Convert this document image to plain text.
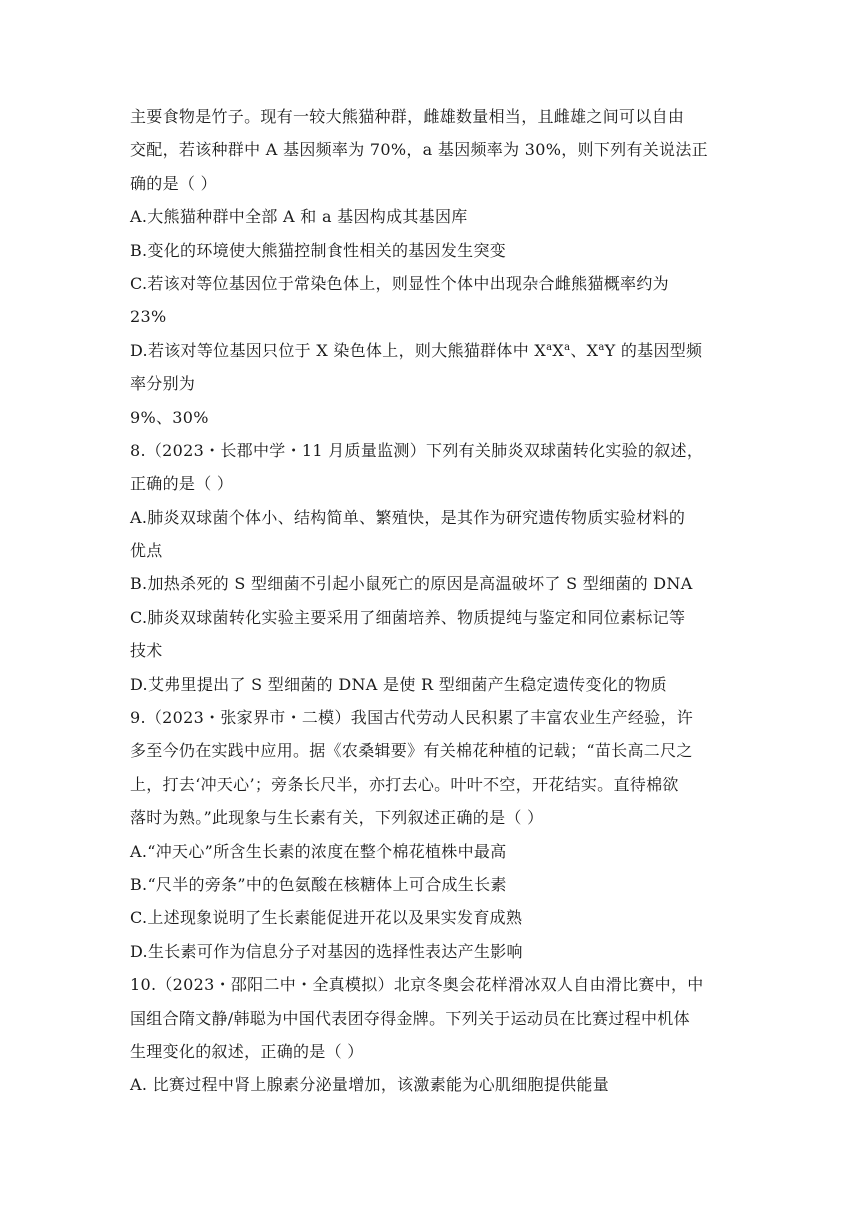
主要食物是竹子。现有一较大熊猫种群，雌雄数量相当，且雌雄之间可以自由
交配，若该种群中 A 基因频率为 70%，a 基因频率为 30%，则下列有关说法正
确的是（ ）
A.大熊猫种群中全部 A 和 a 基因构成其基因库
B.变化的环境使大熊猫控制食性相关的基因发生突变
C.若该对等位基因位于常染色体上，则显性个体中出现杂合雌熊猫概率约为
23%
D.若该对等位基因只位于 X 染色体上，则大熊猫群体中 $X^aX^a$、$X^aY$ 的基因型频
率分别为
9%、30%
8.（2023・长郡中学・11 月质量监测）下列有关肺炎双球菌转化实验的叙述，
正确的是（ ）
A.肺炎双球菌个体小、结构简单、繁殖快，是其作为研究遗传物质实验材料的
优点
B.加热杀死的 S 型细菌不引起小鼠死亡的原因是高温破坏了 S 型细菌的 DNA
C.肺炎双球菌转化实验主要采用了细菌培养、物质提纯与鉴定和同位素标记等
技术
D.艾弗里提出了 S 型细菌的 DNA 是使 R 型细菌产生稳定遗传变化的物质
9.（2023・张家界市・二模）我国古代劳动人民积累了丰富农业生产经验，许
多至今仍在实践中应用。据《农桑辑要》有关棉花种植的记载；“苗长高二尺之
上，打去‘冲天心’；旁条长尺半，亦打去心。叶叶不空，开花结实。直待棉欲
落时为熟。”此现象与生长素有关，下列叙述正确的是（ ）
A.“冲天心”所含生长素的浓度在整个棉花植株中最高
B.“尺半的旁条”中的色氨酸在核糖体上可合成生长素
C.上述现象说明了生长素能促进开花以及果实发育成熟
D.生长素可作为信息分子对基因的选择性表达产生影响
10.（2023・邵阳二中・全真模拟）北京冬奥会花样滑冰双人自由滑比赛中，中
国组合隋文静/韩聪为中国代表团夺得金牌。下列关于运动员在比赛过程中机体
生理变化的叙述，正确的是（ ）
A. 比赛过程中肾上腺素分泌量增加，该激素能为心肌细胞提供能量
